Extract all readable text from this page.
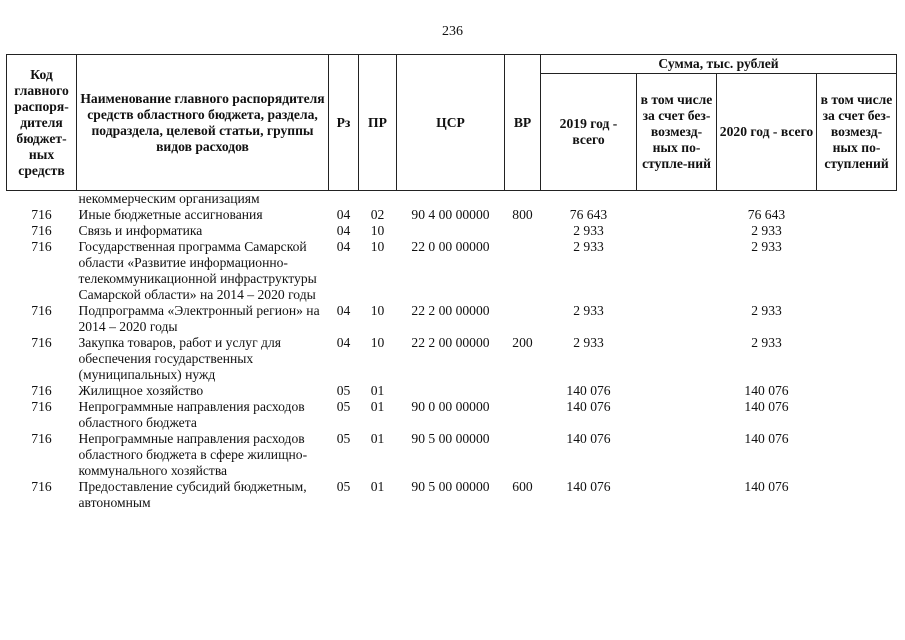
236
Код главного распоря-дителя бюджет-ных средств	Наименование главного распорядителя средств областного бюджета, раздела, подраздела, целевой статьи, группы видов расходов	Рз	ПР	ЦСР	ВР	Сумма, тыс. рублей			
						2019 год - всего	в том числе за счет без-возмезд-ных по-ступле-ний	2020 год - всего	в том числе за счет без-возмезд-ных по-ступлений
	некоммерческим организациям								
716	Иные бюджетные ассигнования	04	02	90 4 00 00000	800	76 643		76 643	
716	Связь и информатика	04	10			2 933		2 933	
716	Государственная программа Самарской области «Развитие информационно-телекоммуникационной инфраструктуры Самарской области» на 2014 – 2020 годы	04	10	22 0 00 00000		2 933		2 933	
716	Подпрограмма «Электронный регион» на 2014 – 2020 годы	04	10	22 2 00 00000		2 933		2 933	
716	Закупка товаров, работ и услуг для обеспечения государственных (муниципальных) нужд	04	10	22 2 00 00000	200	2 933		2 933	
716	Жилищное хозяйство	05	01			140 076		140 076	
716	Непрограммные направления расходов областного бюджета	05	01	90 0 00 00000		140 076		140 076	
716	Непрограммные направления расходов областного бюджета в сфере жилищно-коммунального хозяйства	05	01	90 5 00 00000		140 076		140 076	
716	Предоставление субсидий бюджетным, автономным	05	01	90 5 00 00000	600	140 076		140 076	
